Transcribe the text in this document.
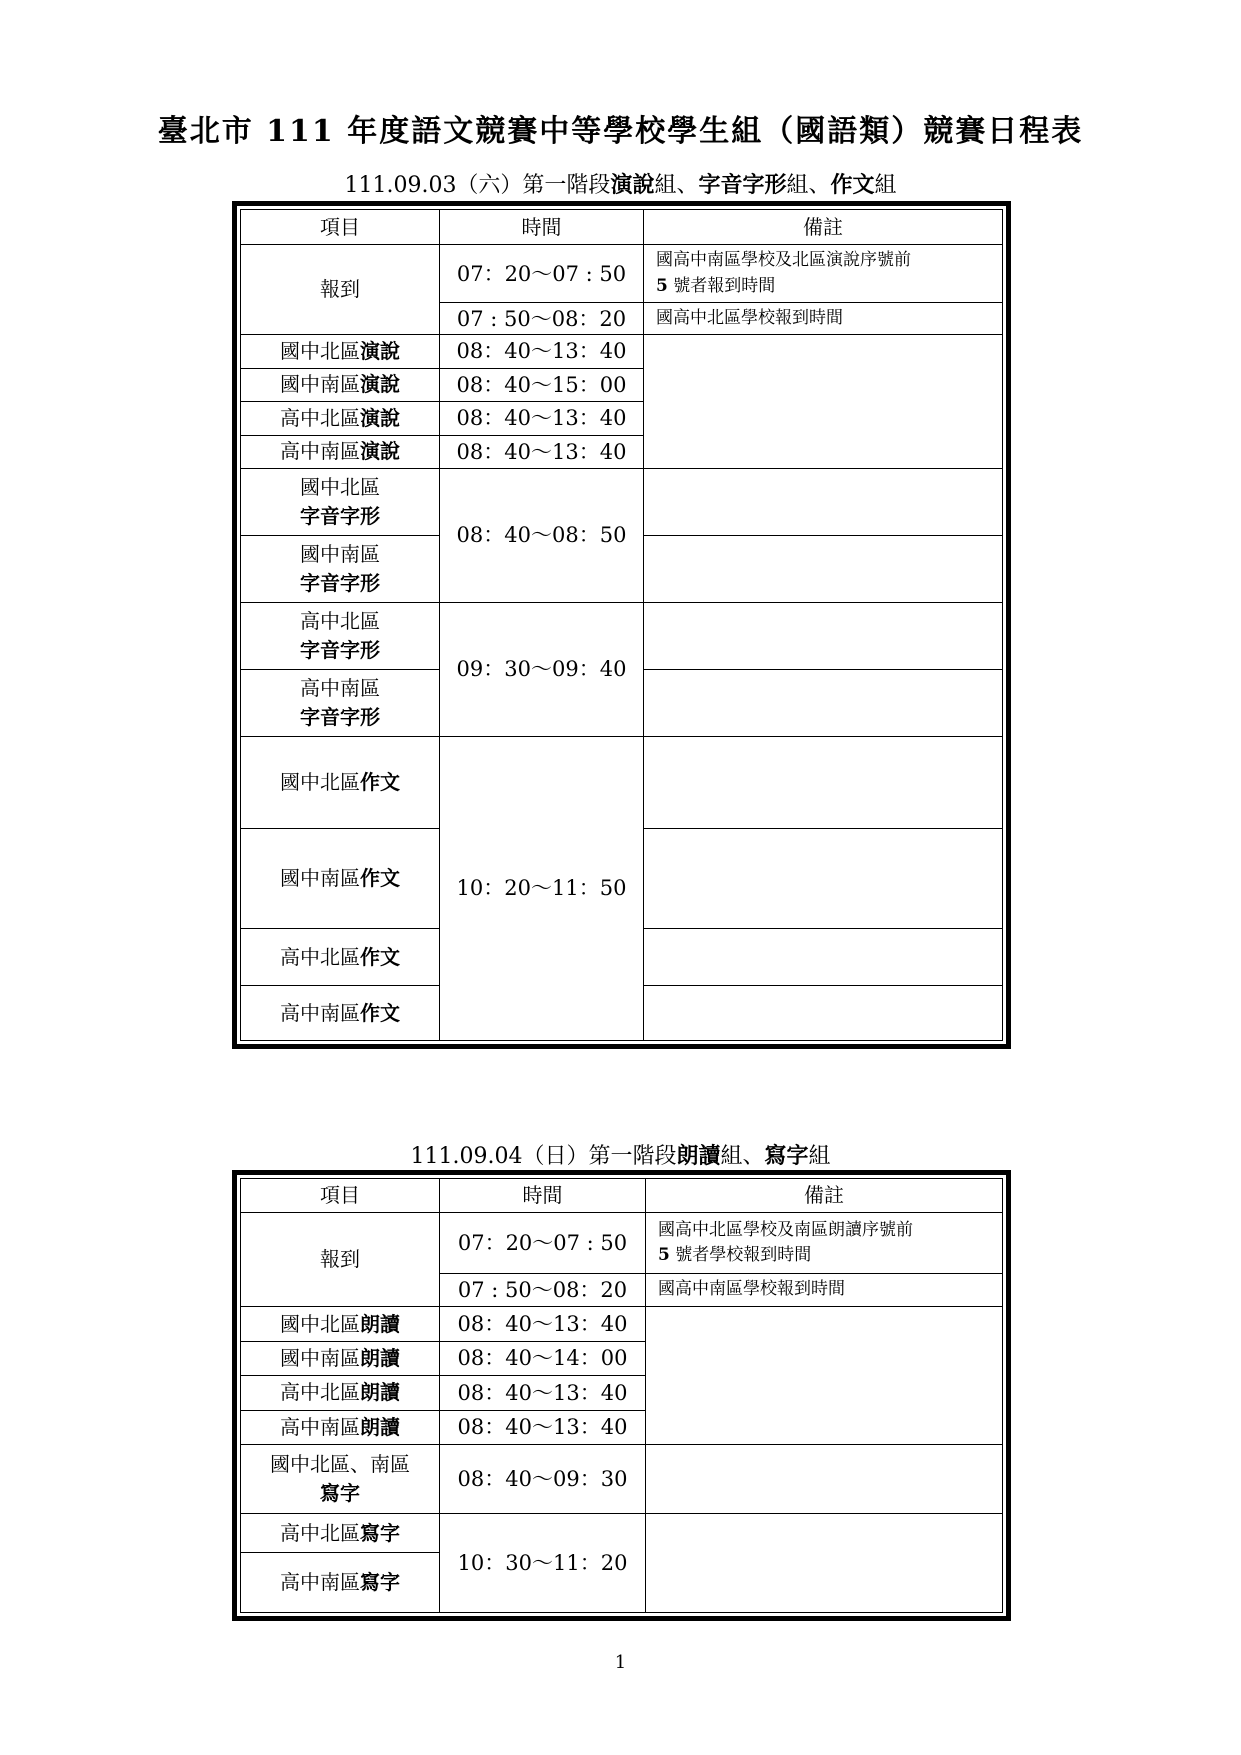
臺北市 111 年度語文競賽中等學校學生組（國語類）競賽日程表
111.09.03（六）第一階段演說組、字音字形組、作文組
項目	時間	備註
報到	07：20～07 : 50	國高中南區學校及北區演說序號前
5 號者報到時間
	07 : 50～08：20	國高中北區學校報到時間
國中北區演說	08：40～13：40	
國中南區演說	08：40～15：00	
高中北區演說	08：40～13：40	
高中南區演說	08：40～13：40	
國中北區
字音字形	08：40～08：50	
國中南區
字音字形		
高中北區
字音字形	09：30～09：40	
高中南區
字音字形		
國中北區作文	10：20～11：50	
國中南區作文		
高中北區作文		
高中南區作文		
111.09.04（日）第一階段朗讀組、寫字組
項目	時間	備註
報到	07：20～07 : 50	國高中北區學校及南區朗讀序號前
5 號者學校報到時間
	07 : 50～08：20	國高中南區學校報到時間
國中北區朗讀	08：40～13：40	
國中南區朗讀	08：40～14：00	
高中北區朗讀	08：40～13：40	
高中南區朗讀	08：40～13：40	
國中北區、南區
寫字	08：40～09：30	
高中北區寫字	10：30～11：20	
高中南區寫字		
1
